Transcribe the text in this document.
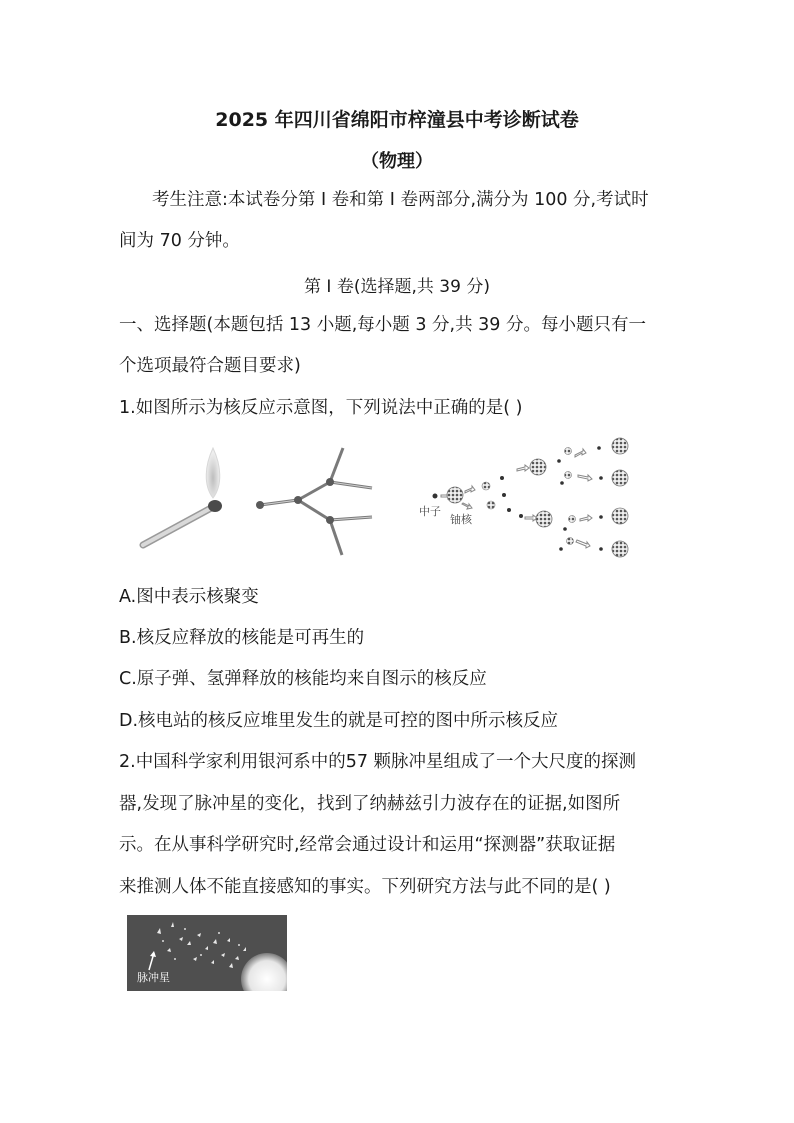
2025 年四川省绵阳市梓潼县中考诊断试卷
（物理）
考生注意:本试卷分第 I 卷和第 I 卷两部分,满分为 100 分,考试时
间为 70 分钟。
第 I 卷(选择题,共 39 分)
一、选择题(本题包括 13 小题,每小题 3 分,共 39 分。每小题只有一
个选项最符合题目要求)
1.如图所示为核反应示意图，下列说法中正确的是( )
中子
铀核
A.图中表示核聚变
B.核反应释放的核能是可再生的
C.原子弹、氢弹释放的核能均来自图示的核反应
D.核电站的核反应堆里发生的就是可控的图中所示核反应
2.中国科学家利用银河系中的57 颗脉冲星组成了一个大尺度的探测
器,发现了脉冲星的变化，找到了纳赫兹引力波存在的证据,如图所
示。在从事科学研究时,经常会通过设计和运用“探测器”获取证据
来推测人体不能直接感知的事实。下列研究方法与此不同的是( )
脉冲星
